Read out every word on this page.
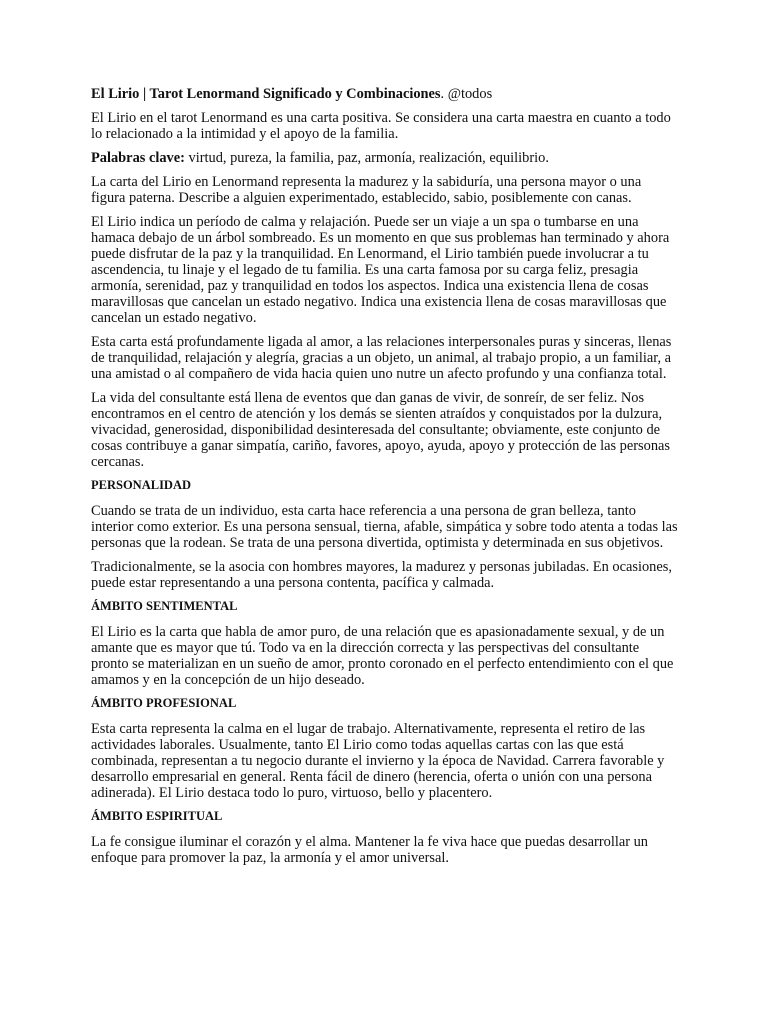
El Lirio | Tarot Lenormand Significado y Combinaciones. @todos

El Lirio en el tarot Lenormand es una carta positiva. Se considera una carta maestra en cuanto a todo lo relacionado a la intimidad y el apoyo de la familia.

Palabras clave: virtud, pureza, la familia, paz, armonía, realización, equilibrio.

La carta del Lirio en Lenormand representa la madurez y la sabiduría, una persona mayor o una figura paterna. Describe a alguien experimentado, establecido, sabio, posiblemente con canas.

El Lirio indica un período de calma y relajación. Puede ser un viaje a un spa o tumbarse en una hamaca debajo de un árbol sombreado. Es un momento en que sus problemas han terminado y ahora puede disfrutar de la paz y la tranquilidad. En Lenormand, el Lirio también puede involucrar a tu ascendencia, tu linaje y el legado de tu familia. Es una carta famosa por su carga feliz, presagia armonía, serenidad, paz y tranquilidad en todos los aspectos. Indica una existencia llena de cosas maravillosas que cancelan un estado negativo. Indica una existencia llena de cosas maravillosas que cancelan un estado negativo.

Esta carta está profundamente ligada al amor, a las relaciones interpersonales puras y sinceras, llenas de tranquilidad, relajación y alegría, gracias a un objeto, un animal, al trabajo propio, a un familiar, a una amistad o al compañero de vida hacia quien uno nutre un afecto profundo y una confianza total.

La vida del consultante está llena de eventos que dan ganas de vivir, de sonreír, de ser feliz. Nos encontramos en el centro de atención y los demás se sienten atraídos y conquistados por la dulzura, vivacidad, generosidad, disponibilidad desinteresada del consultante; obviamente, este conjunto de cosas contribuye a ganar simpatía, cariño, favores, apoyo, ayuda, apoyo y protección de las personas cercanas.

PERSONALIDAD

Cuando se trata de un individuo, esta carta hace referencia a una persona de gran belleza, tanto interior como exterior. Es una persona sensual, tierna, afable, simpática y sobre todo atenta a todas las personas que la rodean. Se trata de una persona divertida, optimista y determinada en sus objetivos.

Tradicionalmente, se la asocia con hombres mayores, la madurez y personas jubiladas. En ocasiones, puede estar representando a una persona contenta, pacífica y calmada.

ÁMBITO SENTIMENTAL

El Lirio es la carta que habla de amor puro, de una relación que es apasionadamente sexual, y de un amante que es mayor que tú. Todo va en la dirección correcta y las perspectivas del consultante pronto se materializan en un sueño de amor, pronto coronado en el perfecto entendimiento con el que amamos y en la concepción de un hijo deseado.

ÁMBITO PROFESIONAL

Esta carta representa la calma en el lugar de trabajo. Alternativamente, representa el retiro de las actividades laborales. Usualmente, tanto El Lirio como todas aquellas cartas con las que está combinada, representan a tu negocio durante el invierno y la época de Navidad. Carrera favorable y desarrollo empresarial en general. Renta fácil de dinero (herencia, oferta o unión con una persona adinerada). El Lirio destaca todo lo puro, virtuoso, bello y placentero.

ÁMBITO ESPIRITUAL

La fe consigue iluminar el corazón y el alma. Mantener la fe viva hace que puedas desarrollar un enfoque para promover la paz, la armonía y el amor universal.
